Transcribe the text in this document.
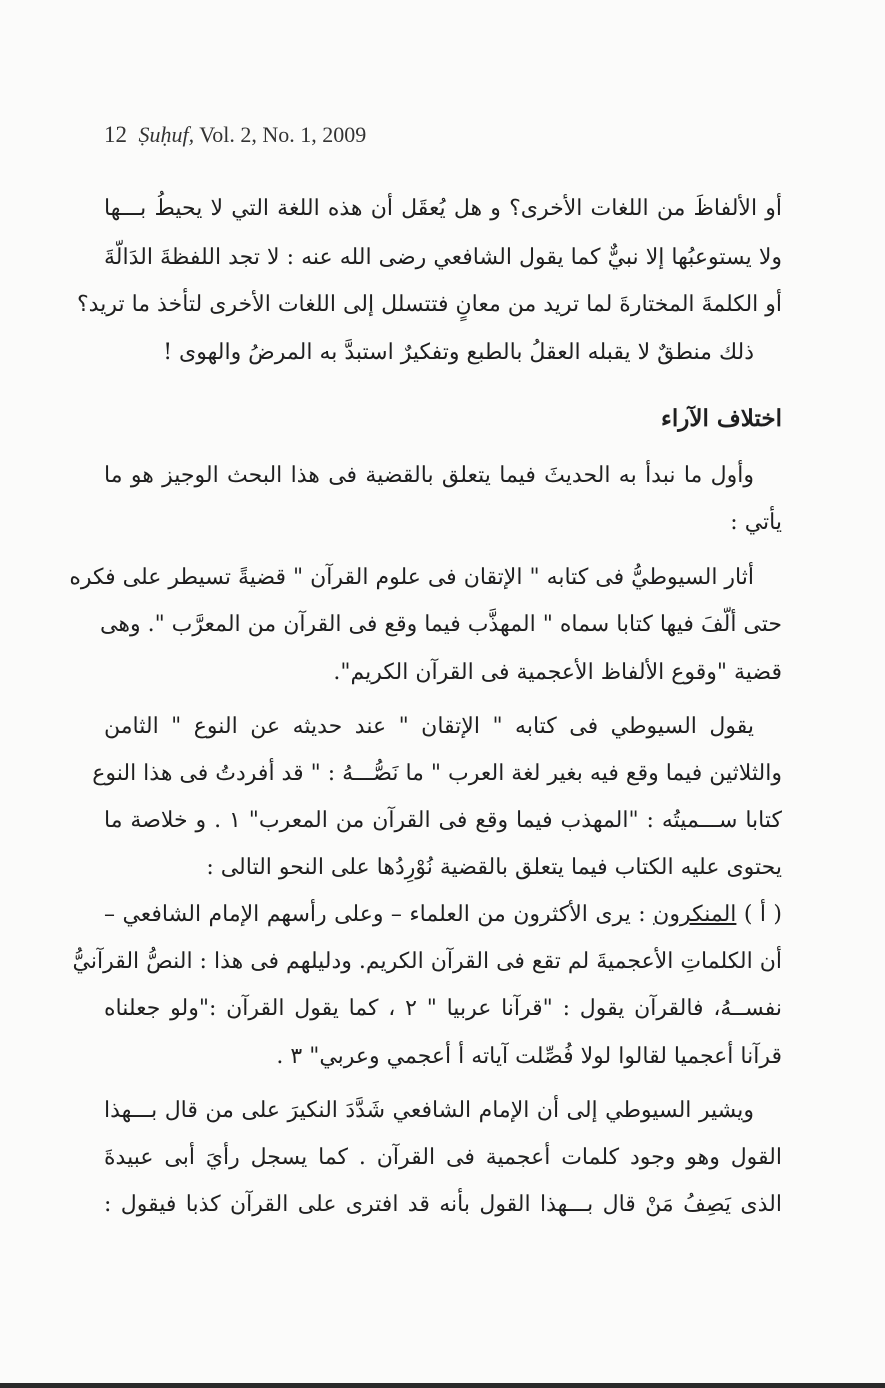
12 Ṣuḥuf, Vol. 2, No. 1, 2009
أو الألفاظَ من اللغات الأخرى؟ و هل يُعقَل أن هذه اللغة التي لا يحيطُ بـــها
ولا يستوعبُها إلا نبيٌّ كما يقول الشافعي رضى الله عنه : لا تجد اللفظةَ الدَالّةَ
أو الكلمةَ المختارةَ لما تريد من معانٍ فتتسلل إلى اللغات الأخرى لتأخذ ما تريد؟
ذلك منطقٌ لا يقبله العقلُ بالطبع وتفكيرٌ استبدَّ به المرضُ والهوى !
اختلاف الآراء
وأول ما نبدأ به الحديثَ فيما يتعلق بالقضية فى هذا البحث الوجيز هو ما
يأتي :
أثار السيوطيُّ فى كتابه " الإتقان فى علوم القرآن " قضيةً تسيطر على فكره
حتى ألّفَ فيها كتابا سماه " المهذَّب فيما وقع فى القرآن من المعرَّب ". وهى
قضية "وقوع الألفاظ الأعجمية فى القرآن الكريم".
يقول السيوطي فى كتابه " الإتقان " عند حديثه عن النوع " الثامن
والثلاثين فيما وقع فيه بغير لغة العرب " ما نَصُّـــهُ : " قد أفردتُ فى هذا النوع
كتابا ســـميتُه : "المهذب فيما وقع فى القرآن من المعرب" ١ . و خلاصة ما
يحتوى عليه الكتاب فيما يتعلق بالقضية نُوْرِدُها على النحو التالى :
( أ ) المنكرون : يرى الأكثرون من العلماء – وعلى رأسهم الإمام الشافعي –
أن الكلماتِ الأعجميةَ لم تقع فى القرآن الكريم. ودليلهم فى هذا : النصُّ القرآنيُّ
نفســهُ، فالقرآن يقول : "قرآنا عربيا " ٢ ، كما يقول القرآن :"ولو جعلناه
قرآنا أعجميا لقالوا لولا فُصِّلت آياته أ أعجمي وعربي" ٣ .
ويشير السيوطي إلى أن الإمام الشافعي شَدَّدَ النكيرَ على من قال بـــهذا
القول وهو وجود كلمات أعجمية فى القرآن . كما يسجل رأيَ أبى عبيدةَ
الذى يَصِفُ مَنْ قال بـــهذا القول بأنه قد افترى على القرآن كذبا فيقول :
